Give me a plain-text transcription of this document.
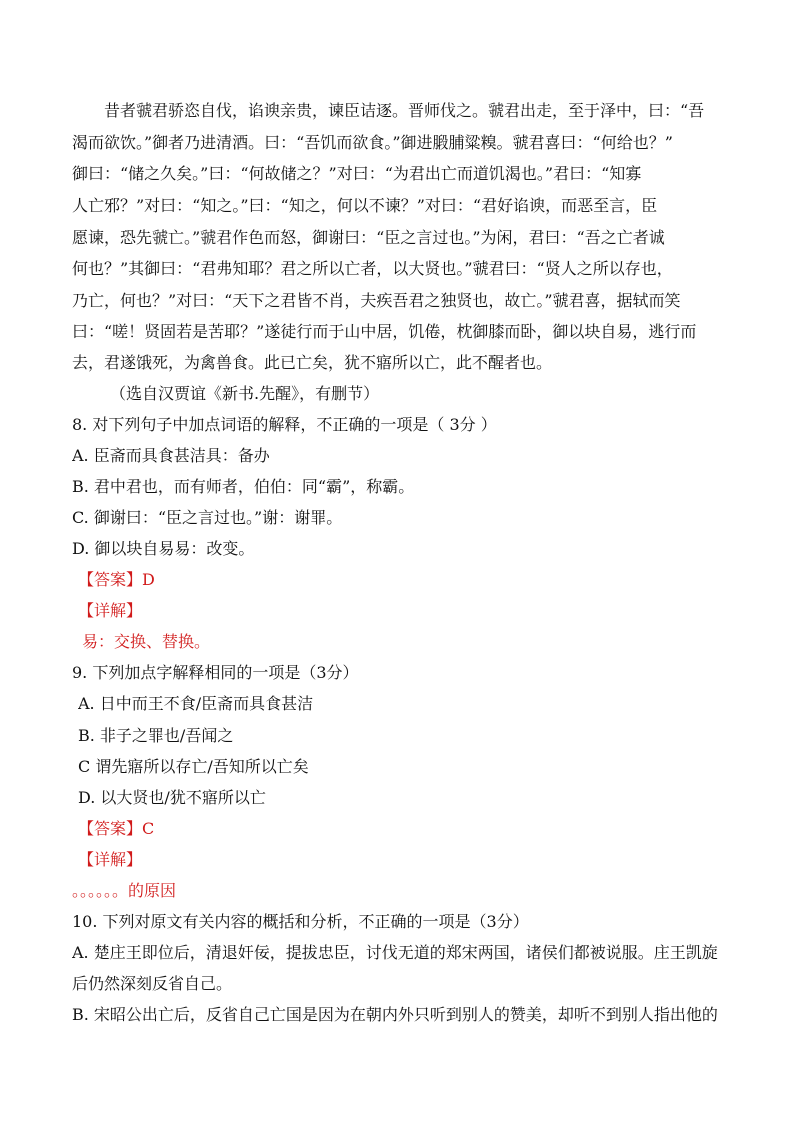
昔者虢君骄恣自伐，谄谀亲贵，谏臣诘逐。晋师伐之。虢君出走，至于泽中，曰：“吾
渴而欲饮。”御者乃进清酒。曰：“吾饥而欲食。”御进腶脯粱糗。虢君喜曰：“何给也？”
御曰：“储之久矣。”曰：“何故储之？”对曰：“为君出亡而道饥渴也。”君曰：“知寡
人亡邪？”对曰：“知之。”曰：“知之，何以不谏？”对曰：“君好谄谀，而恶至言，臣
愿谏，恐先虢亡。”虢君作色而怒，御谢曰：“臣之言过也。”为闲，君曰：“吾之亡者诚
何也？”其御曰：“君弗知耶？君之所以亡者，以大贤也。”虢君曰：“贤人之所以存也，
乃亡，何也？”对曰：“天下之君皆不肖，夫疾吾君之独贤也，故亡。”虢君喜，据轼而笑
曰：“嗟！贤固若是苦耶？”遂徒行而于山中居，饥倦，枕御膝而卧，御以块自易，逃行而
去，君遂饿死，为禽兽食。此已亡矣，犹不寤所以亡，此不醒者也。
（选自汉贾谊《新书.先醒》，有删节）
8. 对下列句子中加点词语的解释，不正确的一项是（ 3分 ）
A. 臣斋而具食甚洁具：备办
B. 君中君也，而有师者，伯伯：同“霸”，称霸。
C. 御谢曰：“臣之言过也。”谢：谢罪。
D. 御以块自易易：改变。
【答案】D
【详解】
易：交换、替换。
9. 下列加点字解释相同的一项是（3分）
A. 日中而王不食/臣斋而具食甚洁
B. 非子之罪也/吾闻之
C 谓先寤所以存亡/吾知所以亡矣
D. 以大贤也/犹不寤所以亡
【答案】C
【详解】
。。。。。。的原因
10. 下列对原文有关内容的概括和分析，不正确的一项是（3分）
A. 楚庄王即位后，清退奸佞，提拔忠臣，讨伐无道的郑宋两国，诸侯们都被说服。庄王凯旋
后仍然深刻反省自己。
B. 宋昭公出亡后，反省自己亡国是因为在朝内外只听到别人的赞美，却听不到别人指出他的
